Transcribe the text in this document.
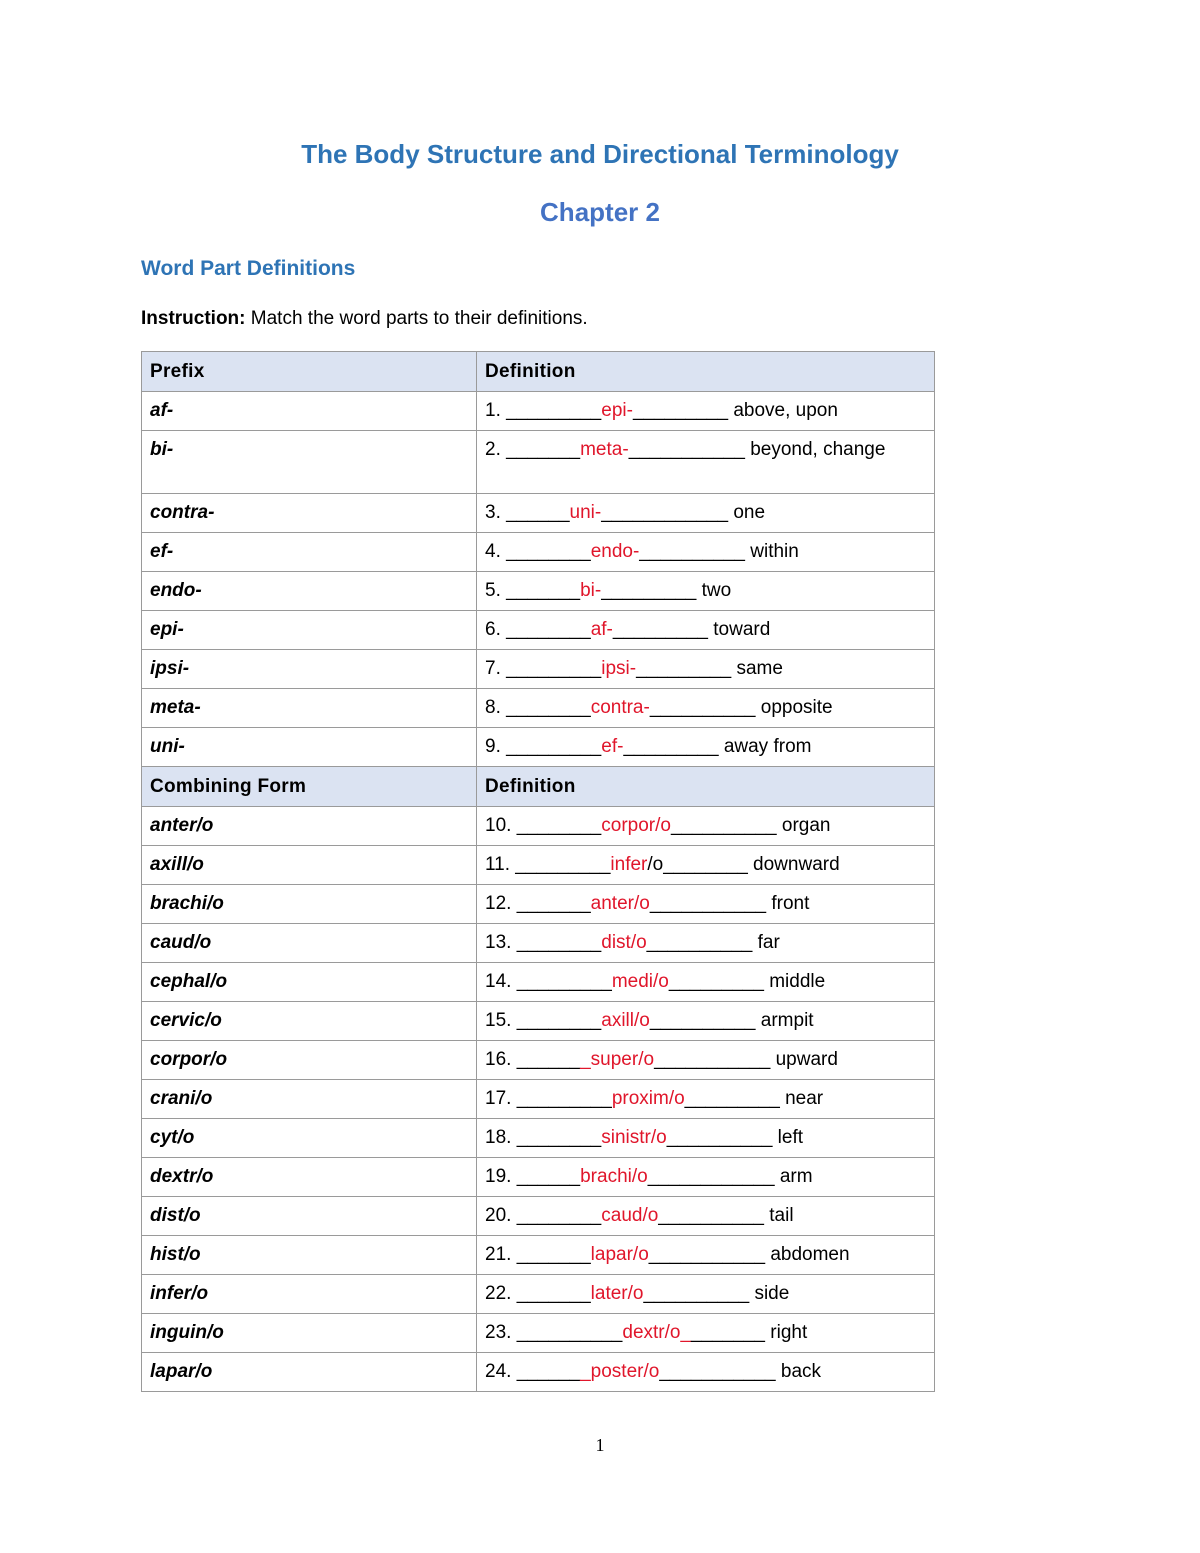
The Body Structure and Directional Terminology
Chapter 2
Word Part Definitions
Instruction: Match the word parts to their definitions.
Prefix	Definition
af-	1. _________epi-_________ above, upon
bi-	2. _______meta-___________ beyond, change
contra-	3. ______uni-____________ one
ef-	4. ________endo-__________ within
endo-	5. _______bi-_________ two
epi-	6. ________af-_________ toward
ipsi-	7. _________ipsi-_________ same
meta-	8. ________contra-__________ opposite
uni-	9. _________ef-_________ away from
Combining Form	Definition
anter/o	10. ________corpor/o__________ organ
axill/o	11. _________infer/o________ downward
brachi/o	12. _______anter/o___________ front
caud/o	13. ________dist/o__________ far
cephal/o	14. _________medi/o_________ middle
cervic/o	15. ________axill/o__________ armpit
corpor/o	16. _______super/o___________ upward
crani/o	17. _________proxim/o_________ near
cyt/o	18. ________sinistr/o__________ left
dextr/o	19. ______brachi/o____________ arm
dist/o	20. ________caud/o__________ tail
hist/o	21. _______lapar/o___________ abdomen
infer/o	22. _______later/o__________ side
inguin/o	23. __________dextr/o________ right
lapar/o	24. _______poster/o___________ back
1
